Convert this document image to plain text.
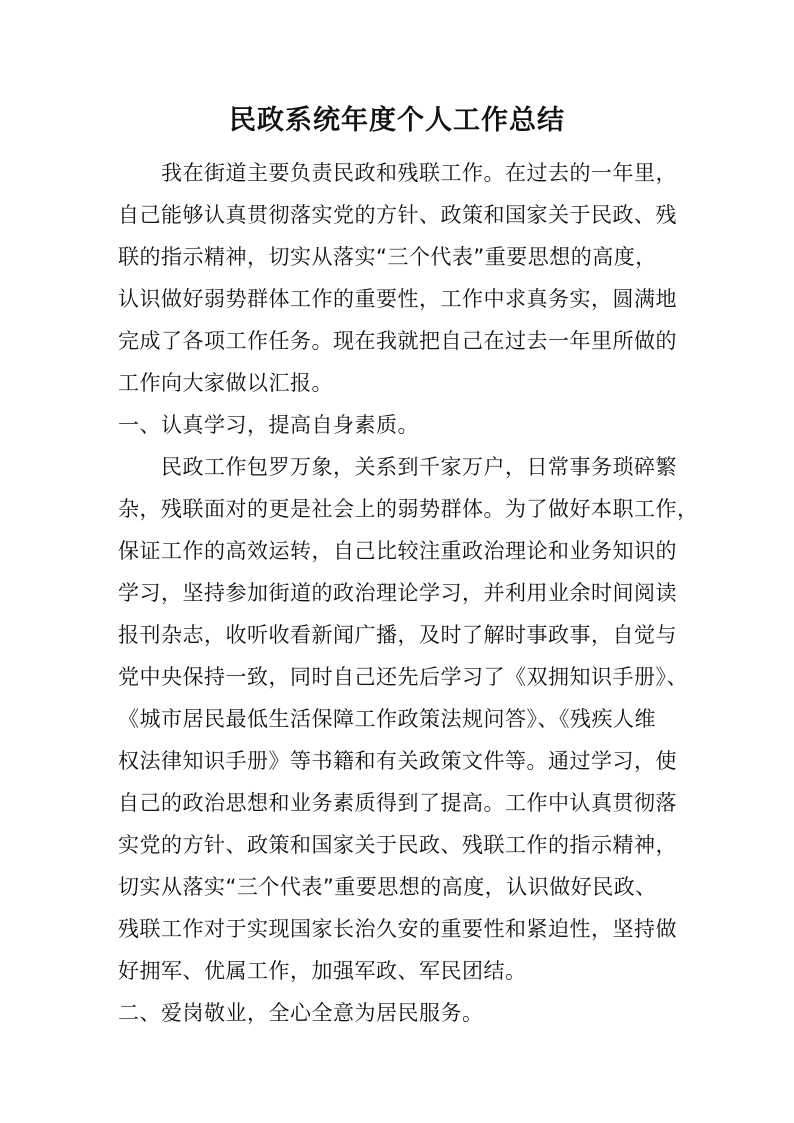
民政系统年度个人工作总结
　　我在街道主要负责民政和残联工作。在过去的一年里，
自己能够认真贯彻落实党的方针、政策和国家关于民政、残
联的指示精神，切实从落实“三个代表”重要思想的高度，
认识做好弱势群体工作的重要性，工作中求真务实，圆满地
完成了各项工作任务。现在我就把自己在过去一年里所做的
工作向大家做以汇报。
一、认真学习，提高自身素质。
　　民政工作包罗万象，关系到千家万户，日常事务琐碎繁
杂，残联面对的更是社会上的弱势群体。为了做好本职工作，
保证工作的高效运转，自己比较注重政治理论和业务知识的
学习，坚持参加街道的政治理论学习，并利用业余时间阅读
报刊杂志，收听收看新闻广播，及时了解时事政事，自觉与
党中央保持一致，同时自己还先后学习了《双拥知识手册》、
《城市居民最低生活保障工作政策法规问答》、《残疾人维
权法律知识手册》等书籍和有关政策文件等。通过学习，使
自己的政治思想和业务素质得到了提高。工作中认真贯彻落
实党的方针、政策和国家关于民政、残联工作的指示精神，
切实从落实“三个代表”重要思想的高度，认识做好民政、
残联工作对于实现国家长治久安的重要性和紧迫性，坚持做
好拥军、优属工作，加强军政、军民团结。
二、爱岗敬业，全心全意为居民服务。
